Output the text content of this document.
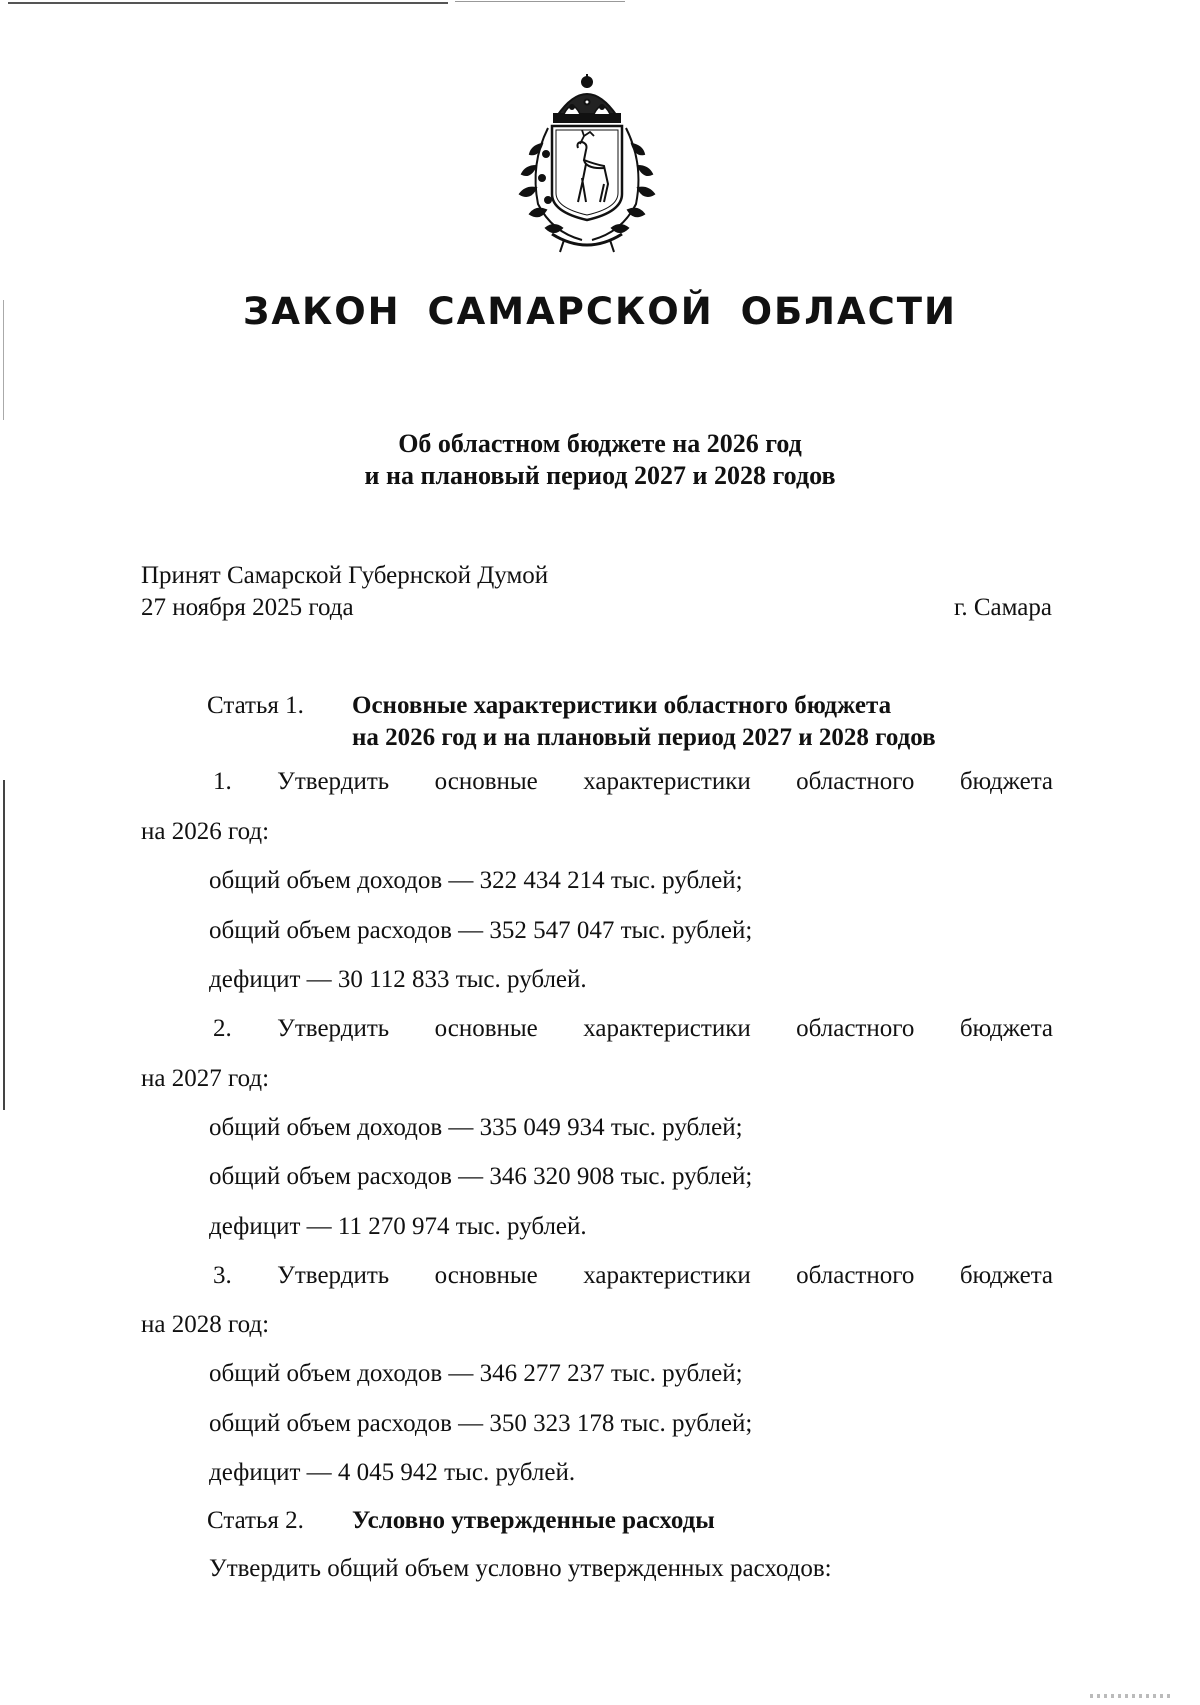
ЗАКОН САМАРСКОЙ ОБЛАСТИ
Об областном бюджете на 2026 год
и на плановый период 2027 и 2028 годов
Принят Самарской Губернской Думой
27 ноября 2025 года	г. Самара
Статья 1. Основные характеристики областного бюджета
на 2026 год и на плановый период 2027 и 2028 годов
1. Утвердить основные характеристики областного бюджета
на 2026 год:
общий объем доходов — 322 434 214 тыс. рублей;
общий объем расходов — 352 547 047 тыс. рублей;
дефицит — 30 112 833 тыс. рублей.
2. Утвердить основные характеристики областного бюджета
на 2027 год:
общий объем доходов — 335 049 934 тыс. рублей;
общий объем расходов — 346 320 908 тыс. рублей;
дефицит — 11 270 974 тыс. рублей.
3. Утвердить основные характеристики областного бюджета
на 2028 год:
общий объем доходов — 346 277 237 тыс. рублей;
общий объем расходов — 350 323 178 тыс. рублей;
дефицит — 4 045 942 тыс. рублей.
Статья 2. Условно утвержденные расходы
Утвердить общий объем условно утвержденных расходов:
